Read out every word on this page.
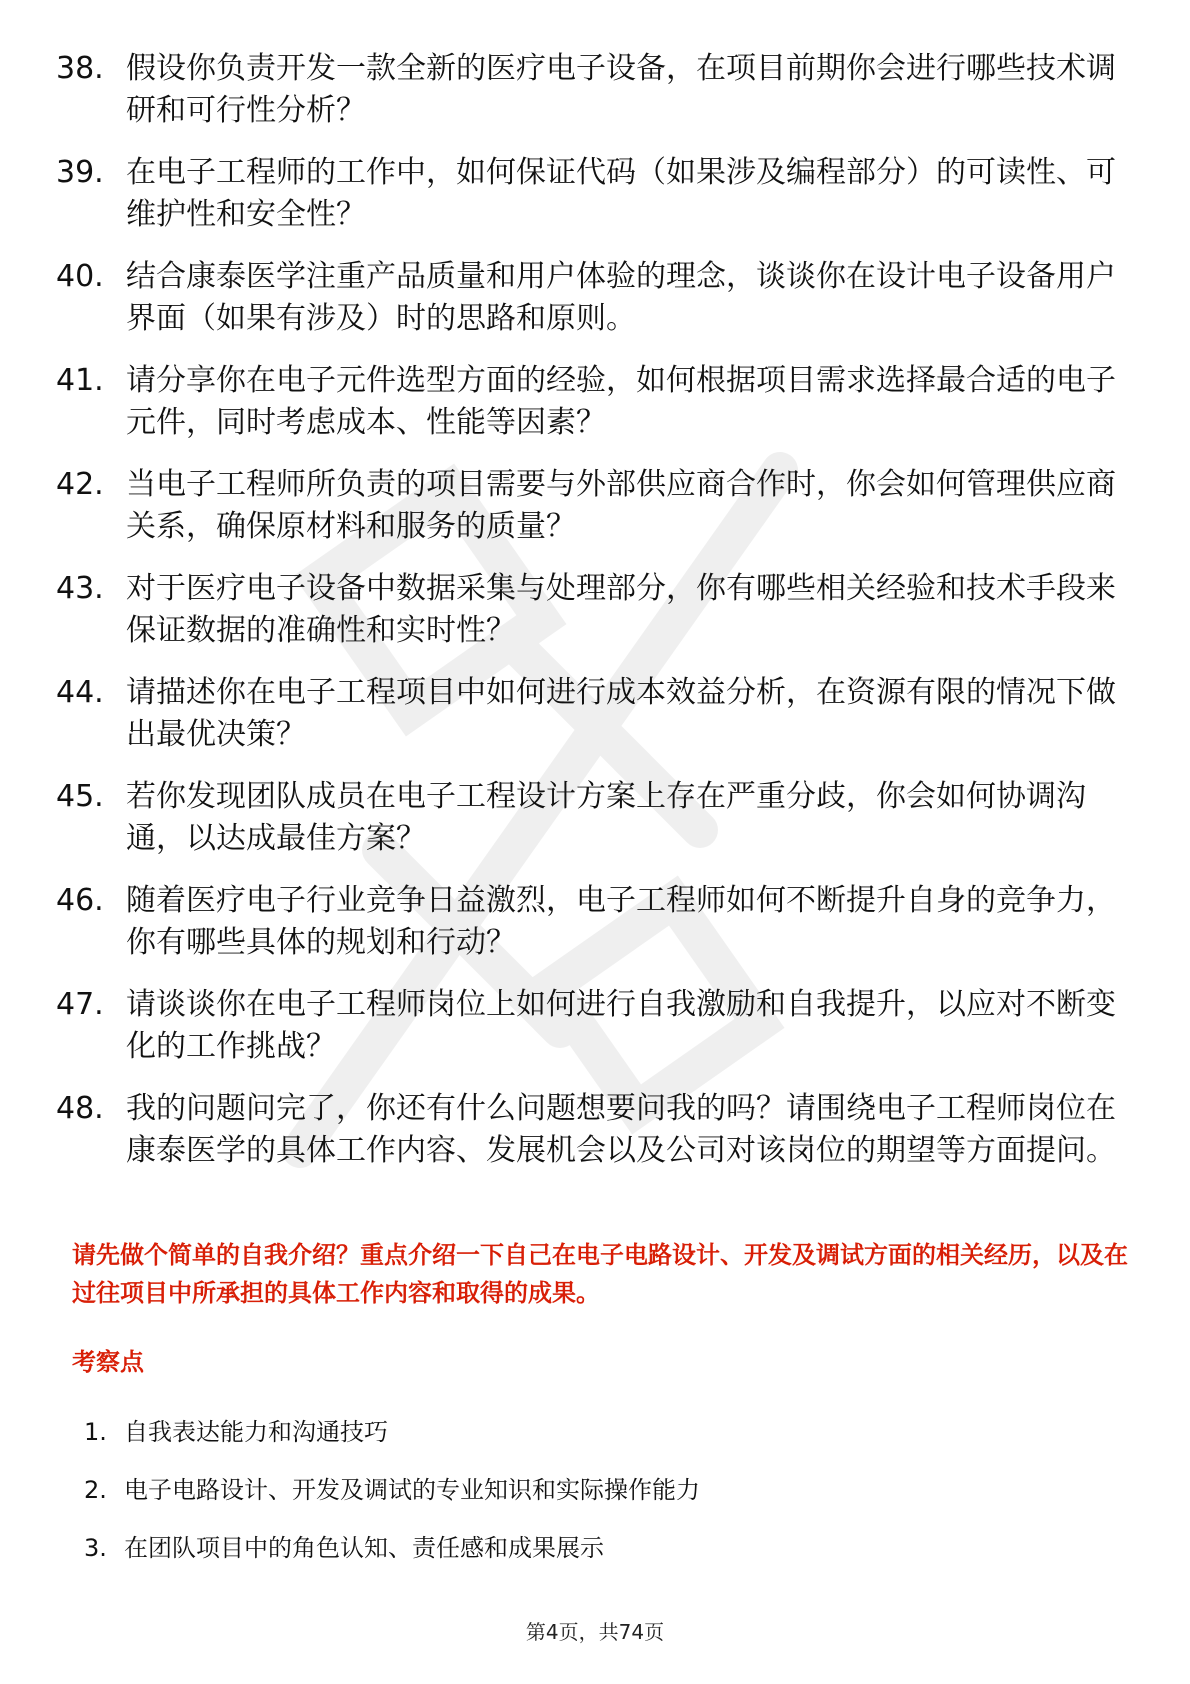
38. 假设你负责开发一款全新的医疗电子设备，在项目前期你会进行哪些技术调研和可行性分析？
39. 在电子工程师的工作中，如何保证代码（如果涉及编程部分）的可读性、可维护性和安全性？
40. 结合康泰医学注重产品质量和用户体验的理念，谈谈你在设计电子设备用户界面（如果有涉及）时的思路和原则。
41. 请分享你在电子元件选型方面的经验，如何根据项目需求选择最合适的电子元件，同时考虑成本、性能等因素？
42. 当电子工程师所负责的项目需要与外部供应商合作时，你会如何管理供应商关系，确保原材料和服务的质量？
43. 对于医疗电子设备中数据采集与处理部分，你有哪些相关经验和技术手段来保证数据的准确性和实时性？
44. 请描述你在电子工程项目中如何进行成本效益分析，在资源有限的情况下做出最优决策？
45. 若你发现团队成员在电子工程设计方案上存在严重分歧，你会如何协调沟通，以达成最佳方案？
46. 随着医疗电子行业竞争日益激烈，电子工程师如何不断提升自身的竞争力，你有哪些具体的规划和行动？
47. 请谈谈你在电子工程师岗位上如何进行自我激励和自我提升，以应对不断变化的工作挑战？
48. 我的问题问完了，你还有什么问题想要问我的吗？请围绕电子工程师岗位在康泰医学的具体工作内容、发展机会以及公司对该岗位的期望等方面提问。

请先做个简单的自我介绍？重点介绍一下自己在电子电路设计、开发及调试方面的相关经历，以及在过往项目中所承担的具体工作内容和取得的成果。

考察点
1. 自我表达能力和沟通技巧
2. 电子电路设计、开发及调试的专业知识和实际操作能力
3. 在团队项目中的角色认知、责任感和成果展示
第4页，共74页
